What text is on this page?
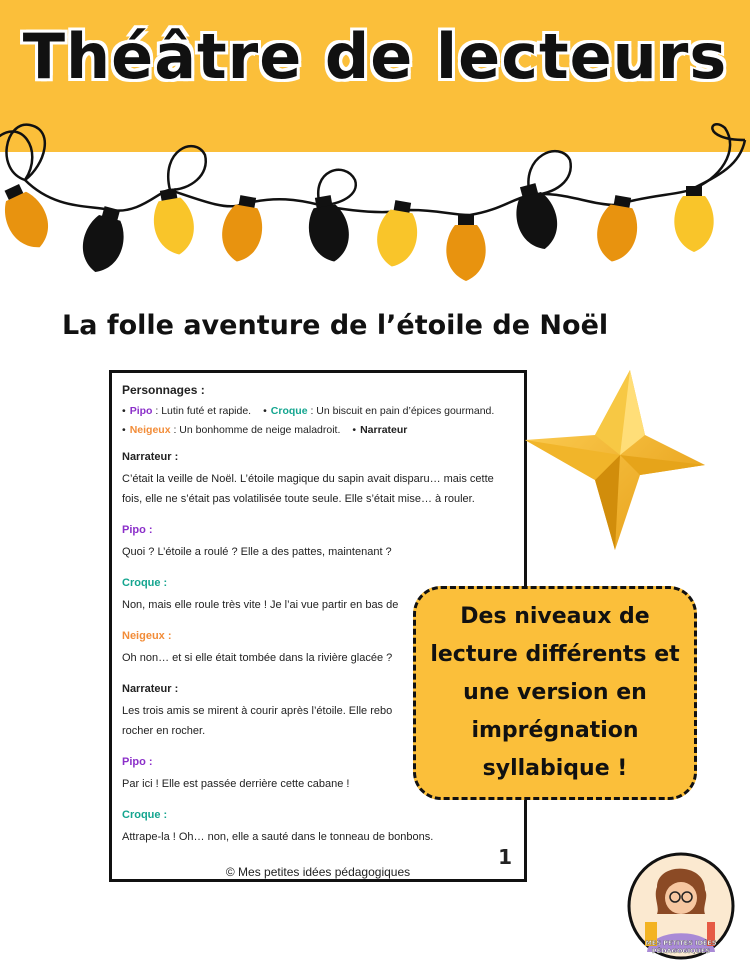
Théâtre de lecteurs
La folle aventure de l’étoile de Noël
Personnages :
• Pipo : Lutin futé et rapide. • Croque : Un biscuit en pain d’épices gourmand.
• Neigeux : Un bonhomme de neige maladroit. • Narrateur
Narrateur :
C’était la veille de Noël. L’étoile magique du sapin avait disparu… mais cette fois, elle ne s’était pas volatilisée toute seule. Elle s’était mise… à rouler.
Pipo :
Quoi ? L’étoile a roulé ? Elle a des pattes, maintenant ?
Croque :
Non, mais elle roule très vite ! Je l’ai vue partir en bas de
Neigeux :
Oh non… et si elle était tombée dans la rivière glacée ?
Narrateur :
Les trois amis se mirent à courir après l’étoile. Elle rebo rocher en rocher.
Pipo :
Par ici ! Elle est passée derrière cette cabane !
Croque :
Attrape-la ! Oh… non, elle a sauté dans le tonneau de bonbons.
1
© Mes petites idées pédagogiques
Des niveaux de lecture différents et une version en imprégnation syllabique !
MES PETITES IDÉES
PÉDAGOGIQUES
